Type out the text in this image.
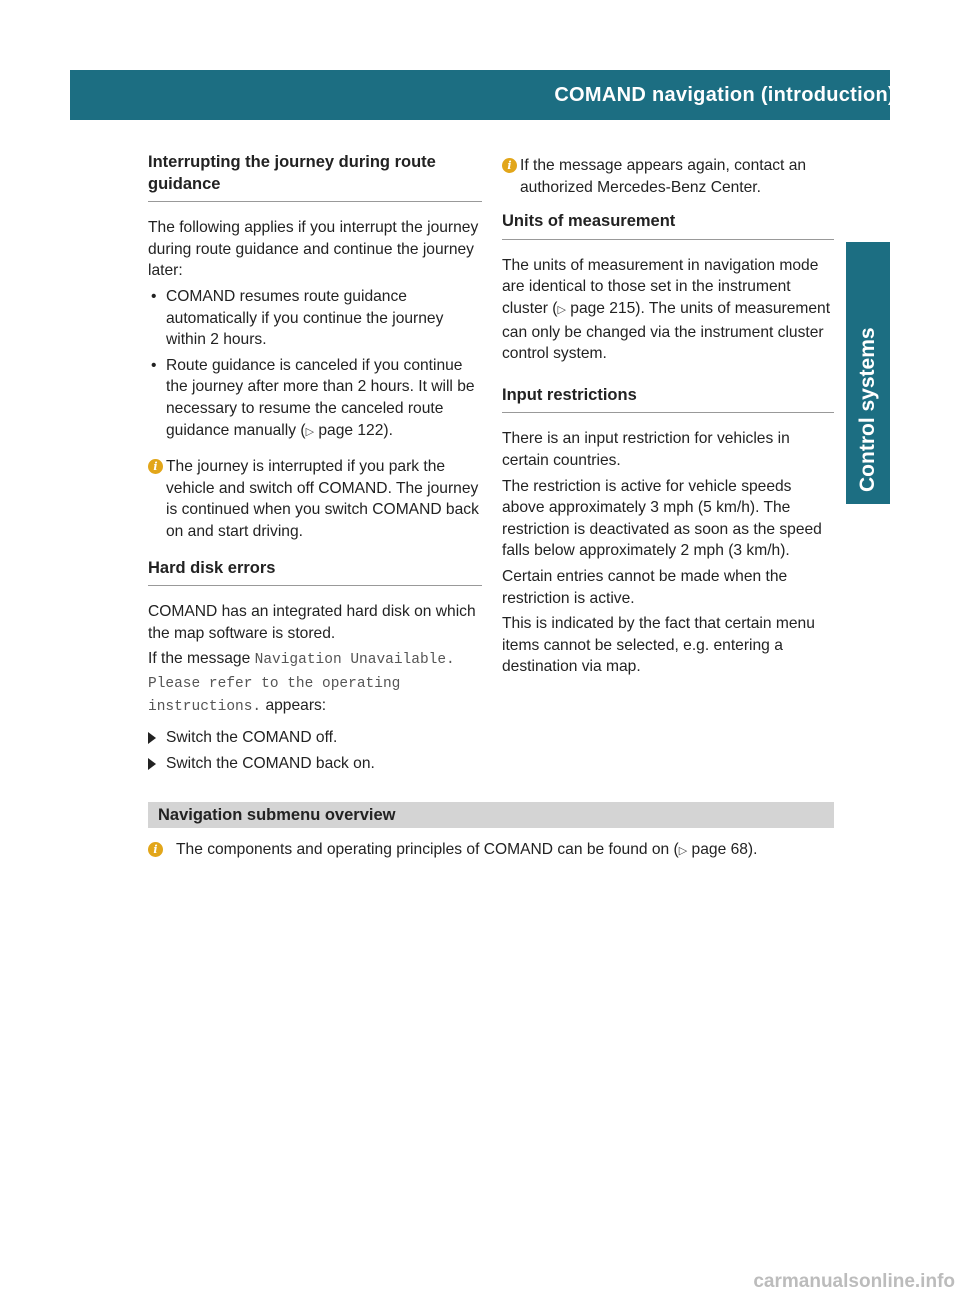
COMAND navigation (introduction)	87
Control systems
Interrupting the journey during route guidance

The following applies if you interrupt the journey during route guidance and continue the journey later:

• COMAND resumes route guidance automatically if you continue the journey within 2 hours.
• Route guidance is canceled if you continue the journey after more than 2 hours. It will be necessary to resume the canceled route guidance manually (▷ page 122).
i The journey is interrupted if you park the vehicle and switch off COMAND. The journey is continued when you switch COMAND back on and start driving.
Hard disk errors

COMAND has an integrated hard disk on which the map software is stored.

If the message Navigation Unavailable. Please refer to the operating instructions. appears:

Switch the COMAND off.
Switch the COMAND back on.
i If the message appears again, contact an authorized Mercedes-Benz Center.
Units of measurement

The units of measurement in navigation mode are identical to those set in the instrument cluster (▷ page 215). The units of measurement can only be changed via the instrument cluster control system.

Input restrictions

There is an input restriction for vehicles in certain countries.

The restriction is active for vehicle speeds above approximately 3 mph (5 km/h). The restriction is deactivated as soon as the speed falls below approximately 2 mph (3 km/h).

Certain entries cannot be made when the restriction is active.

This is indicated by the fact that certain menu items cannot be selected, e.g. entering a destination via map.

Navigation submenu overview
i	The components and operating principles of COMAND can be found on (▷ page 68).
carmanualsonline.info
